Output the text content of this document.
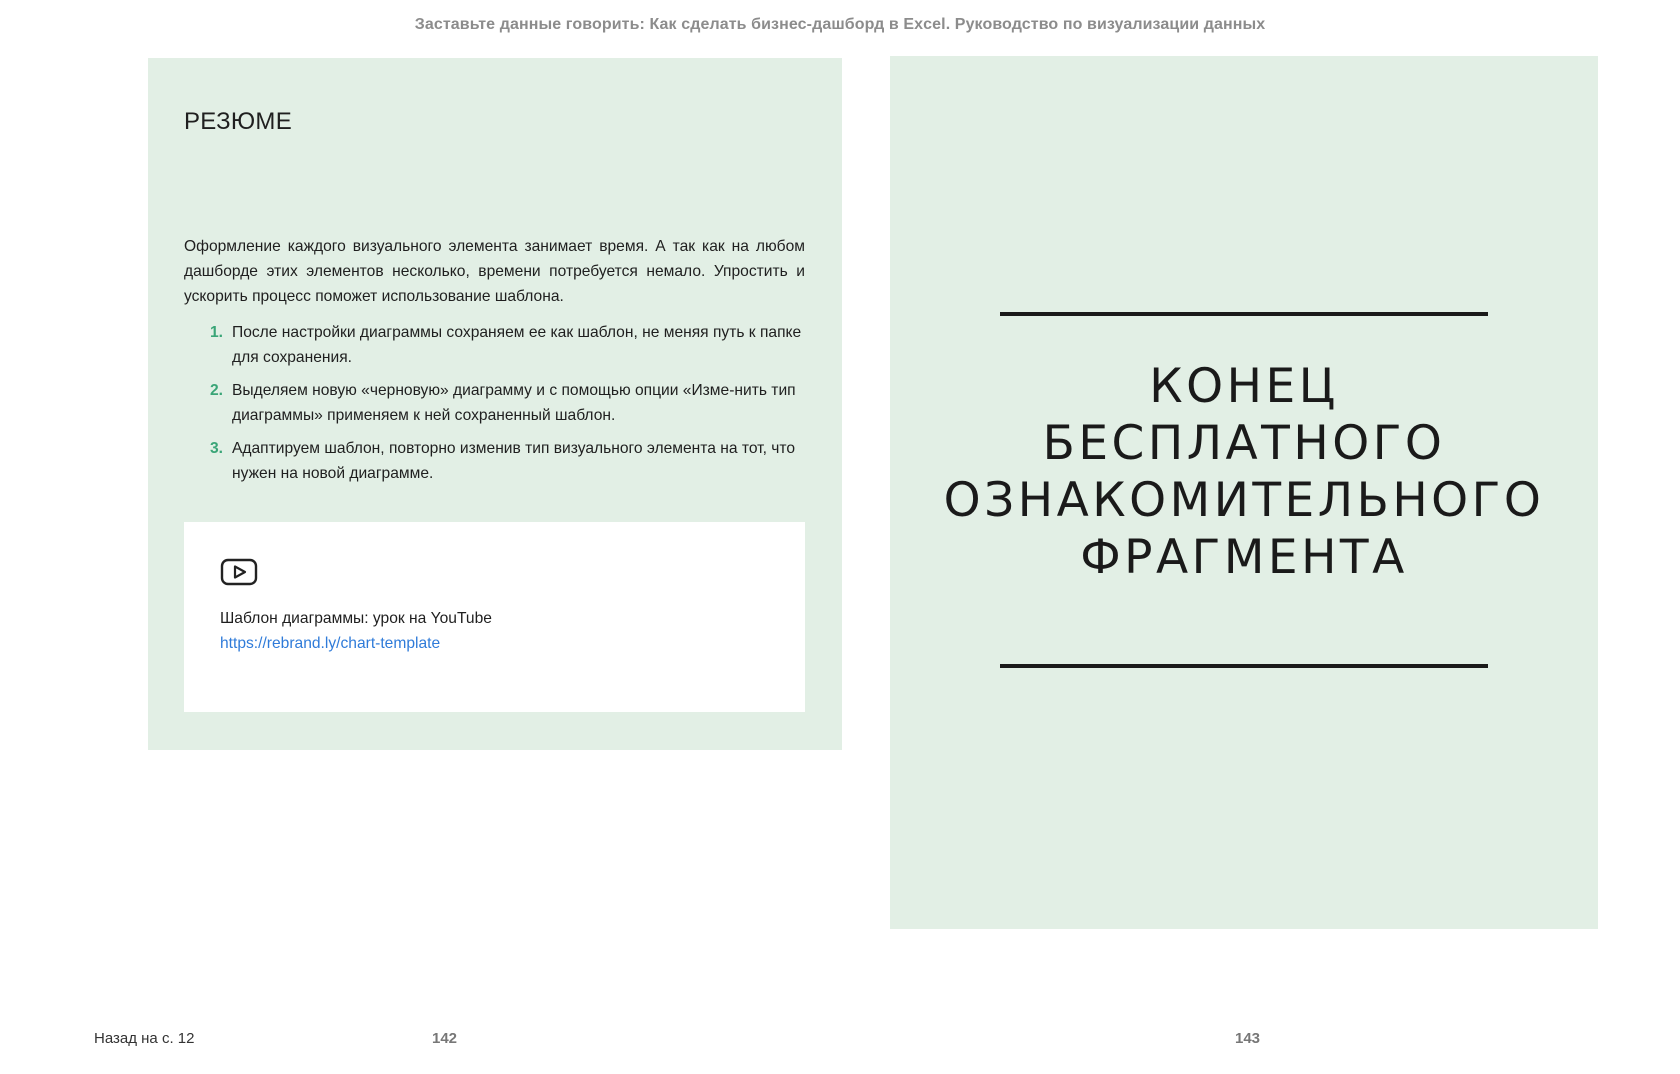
Заставьте данные говорить: Как сделать бизнес-дашборд в Excel. Руководство по визуализации данных
РЕЗЮМЕ
Оформление каждого визуального элемента занимает время. А так как на любом дашборде этих элементов несколько, времени потребуется немало. Упростить и ускорить процесс поможет использование шаблона.
1. После настройки диаграммы сохраняем ее как шаблон, не меняя путь к папке для сохранения.
2. Выделяем новую «черновую» диаграмму и с помощью опции «Изме-нить тип диаграммы» применяем к ней сохраненный шаблон.
3. Адаптируем шаблон, повторно изменив тип визуального элемента на тот, что нужен на новой диаграмме.
Шаблон диаграммы: урок на YouTube
https://rebrand.ly/chart-template
КОНЕЦ
БЕСПЛАТНОГО
ОЗНАКОМИТЕЛЬНОГО
ФРАГМЕНТА
Назад на с. 12	142	143
